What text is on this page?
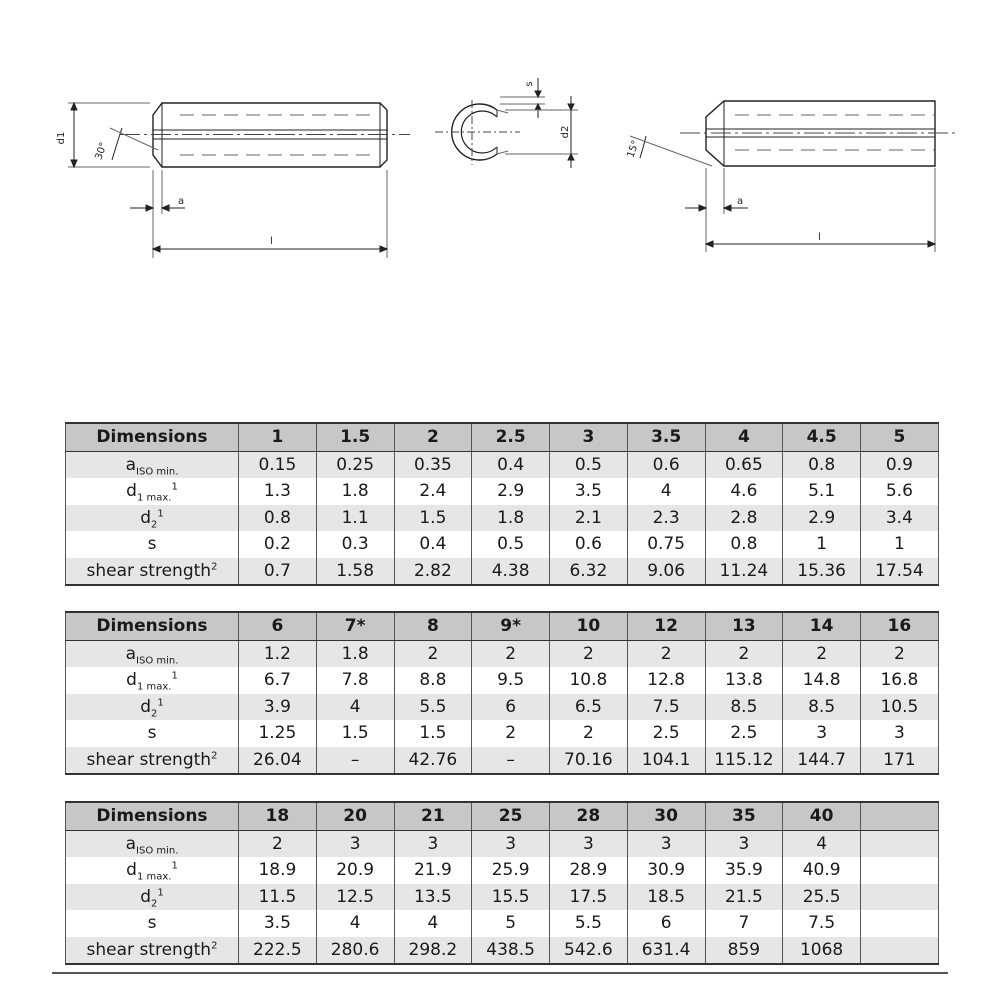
d1
30°
a
l
s
d2
15°
a
l
Dimensions	1	1.5	2	2.5	3	3.5	4	4.5	5
$a_{ISO min.}$	0.15	0.25	0.35	0.4	0.5	0.6	0.65	0.8	0.9
$d_{1 max.}^1$	1.3	1.8	2.4	2.9	3.5	4	4.6	5.1	5.6
$d_2^1$	0.8	1.1	1.5	1.8	2.1	2.3	2.8	2.9	3.4
s	0.2	0.3	0.4	0.5	0.6	0.75	0.8	1	1
shear strength$^2$	0.7	1.58	2.82	4.38	6.32	9.06	11.24	15.36	17.54
Dimensions	6	7*	8	9*	10	12	13	14	16
$a_{ISO min.}$	1.2	1.8	2	2	2	2	2	2	2
$d_{1 max.}^1$	6.7	7.8	8.8	9.5	10.8	12.8	13.8	14.8	16.8
$d_2^1$	3.9	4	5.5	6	6.5	7.5	8.5	8.5	10.5
s	1.25	1.5	1.5	2	2	2.5	2.5	3	3
shear strength$^2$	26.04	–	42.76	–	70.16	104.1	115.12	144.7	171
Dimensions	18	20	21	25	28	30	35	40	
$a_{ISO min.}$	2	3	3	3	3	3	3	4	
$d_{1 max.}^1$	18.9	20.9	21.9	25.9	28.9	30.9	35.9	40.9	
$d_2^1$	11.5	12.5	13.5	15.5	17.5	18.5	21.5	25.5	
s	3.5	4	4	5	5.5	6	7	7.5	
shear strength$^2$	222.5	280.6	298.2	438.5	542.6	631.4	859	1068	
